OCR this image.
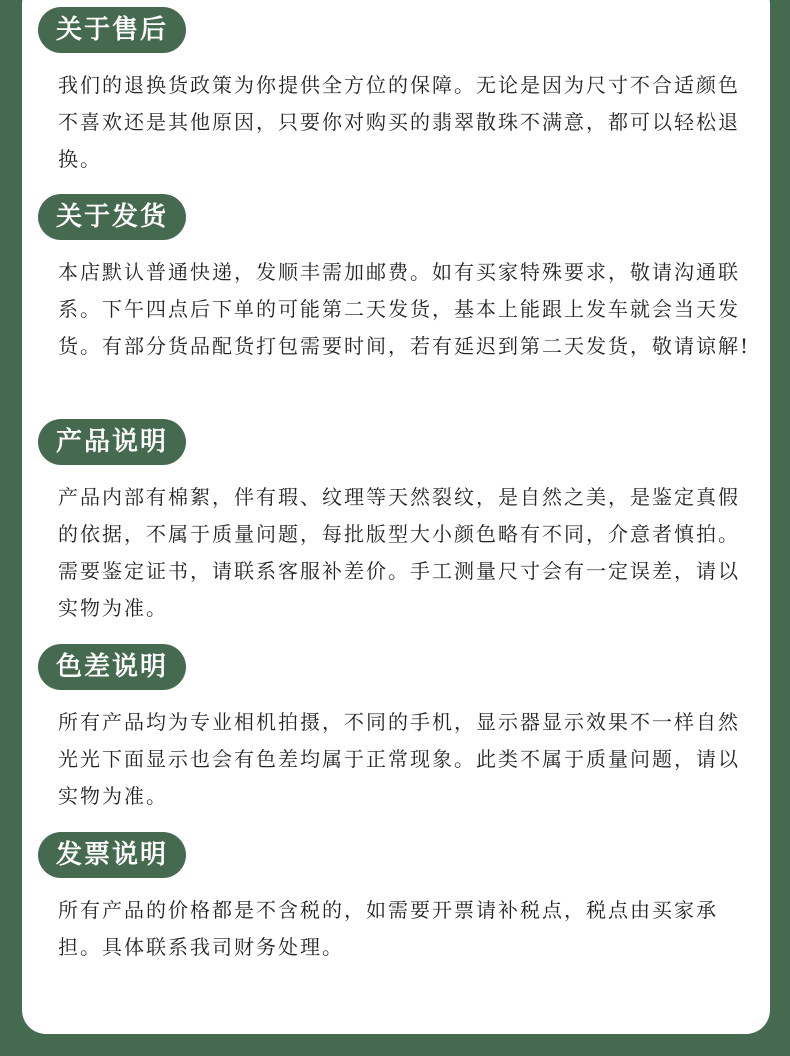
关于售后
我们的退换货政策为你提供全方位的保障。无论是因为尺寸不合适颜色不喜欢还是其他原因，只要你对购买的翡翠散珠不满意，都可以轻松退换。
关于发货
本店默认普通快递，发顺丰需加邮费。如有买家特殊要求，敬请沟通联系。下午四点后下单的可能第二天发货，基本上能跟上发车就会当天发货。有部分货品配货打包需要时间，若有延迟到第二天发货，敬请谅解!
产品说明
产品内部有棉絮，伴有瑕、纹理等天然裂纹，是自然之美，是鉴定真假的依据，不属于质量问题，每批版型大小颜色略有不同，介意者慎拍。需要鉴定证书，请联系客服补差价。手工测量尺寸会有一定误差，请以实物为准。
色差说明
所有产品均为专业相机拍摄，不同的手机，显示器显示效果不一样自然光光下面显示也会有色差均属于正常现象。此类不属于质量问题，请以实物为准。
发票说明
所有产品的价格都是不含税的，如需要开票请补税点，税点由买家承担。具体联系我司财务处理。
